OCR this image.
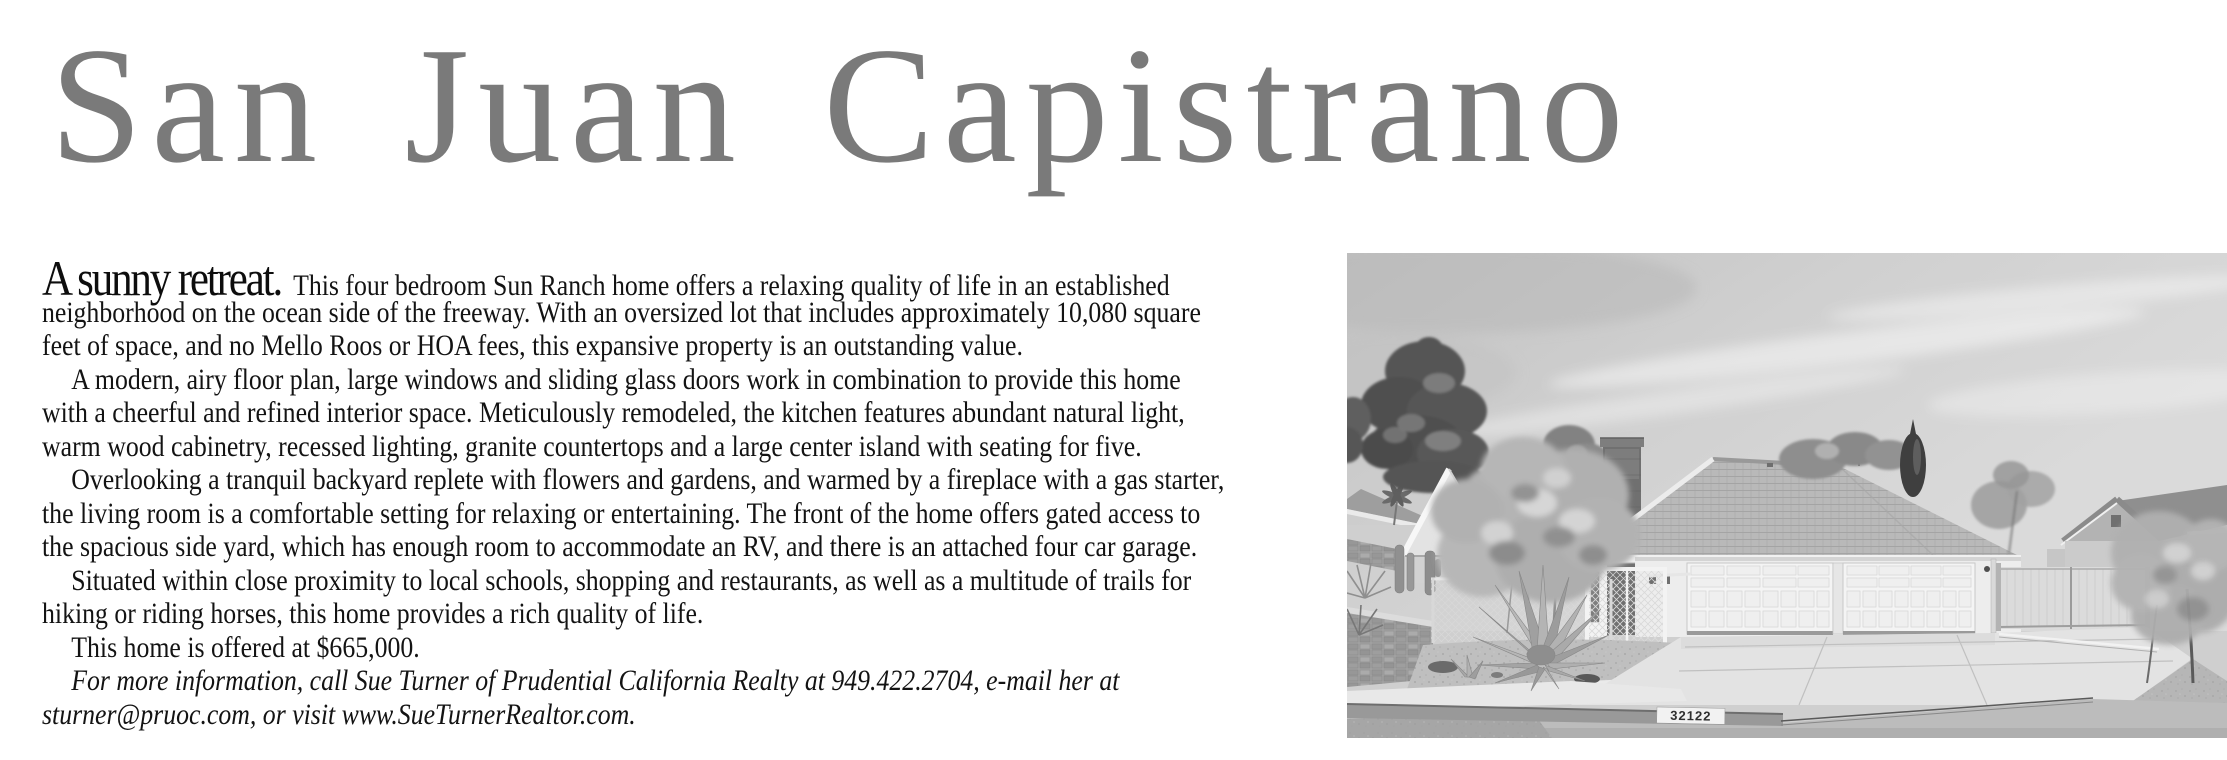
San Juan Capistrano
A sunny retreat. This four bedroom Sun Ranch home offers a relaxing quality of life in an established
neighborhood on the ocean side of the freeway. With an oversized lot that includes approximately 10,080 square
feet of space, and no Mello Roos or HOA fees, this expansive property is an outstanding value.
A modern, airy floor plan, large windows and sliding glass doors work in combination to provide this home
with a cheerful and refined interior space. Meticulously remodeled, the kitchen features abundant natural light,
warm wood cabinetry, recessed lighting, granite countertops and a large center island with seating for five.
Overlooking a tranquil backyard replete with flowers and gardens, and warmed by a fireplace with a gas starter,
the living room is a comfortable setting for relaxing or entertaining. The front of the home offers gated access to
the spacious side yard, which has enough room to accommodate an RV, and there is an attached four car garage.
Situated within close proximity to local schools, shopping and restaurants, as well as a multitude of trails for
hiking or riding horses, this home provides a rich quality of life.
This home is offered at $665,000.
For more information, call Sue Turner of Prudential California Realty at 949.422.2704, e-mail her at
sturner@pruoc.com, or visit www.SueTurnerRealtor.com.	32122
